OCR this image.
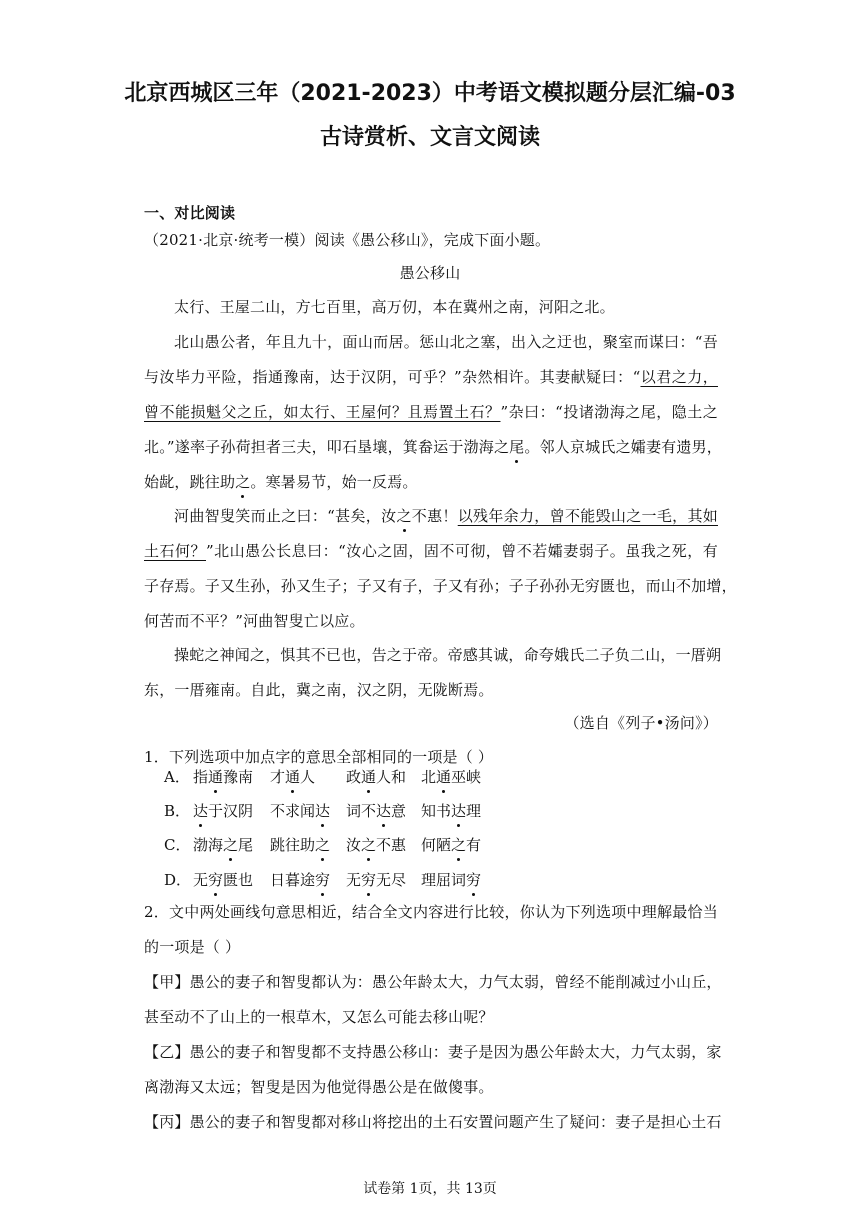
北京西城区三年（2021-2023）中考语文模拟题分层汇编-03
古诗赏析、文言文阅读
一、对比阅读
（2021·北京·统考一模）阅读《愚公移山》，完成下面小题。
愚公移山
太行、王屋二山，方七百里，高万仞，本在冀州之南，河阳之北。
北山愚公者，年且九十，面山而居。惩山北之塞，出入之迂也，聚室而谋曰：“吾
与汝毕力平险，指通豫南，达于汉阴，可乎？”杂然相许。其妻献疑曰：“以君之力，
曾不能损魁父之丘，如太行、王屋何？且焉置土石？”杂曰：“投诸渤海之尾，隐土之
北。”遂率子孙荷担者三夫，叩石垦壤，箕畚运于渤海之尾。邻人京城氏之孀妻有遗男，
始龀，跳往助之。寒暑易节，始一反焉。
河曲智叟笑而止之曰：“甚矣，汝之不惠！以残年余力，曾不能毁山之一毛，其如
土石何？”北山愚公长息曰：“汝心之固，固不可彻，曾不若孀妻弱子。虽我之死，有
子存焉。子又生孙，孙又生子；子又有子，子又有孙；子子孙孙无穷匮也，而山不加增，
何苦而不平？”河曲智叟亡以应。
操蛇之神闻之，惧其不已也，告之于帝。帝感其诚，命夸娥氏二子负二山，一厝朔
东，一厝雍南。自此，冀之南，汉之阴，无陇断焉。
（选自《列子•汤问》）
1．下列选项中加点字的意思全部相同的一项是（ ）
A． 指通豫南 才通人 政通人和 北通巫峡
B． 达于汉阴 不求闻达 词不达意 知书达理
C． 渤海之尾 跳往助之 汝之不惠 何陋之有
D． 无穷匮也 日暮途穷 无穷无尽 理屈词穷
2．文中两处画线句意思相近，结合全文内容进行比较，你认为下列选项中理解最恰当
的一项是（ ）
【甲】愚公的妻子和智叟都认为：愚公年龄太大，力气太弱，曾经不能削减过小山丘，
甚至动不了山上的一根草木，又怎么可能去移山呢？
【乙】愚公的妻子和智叟都不支持愚公移山：妻子是因为愚公年龄太大，力气太弱，家
离渤海又太远；智叟是因为他觉得愚公是在做傻事。
【丙】愚公的妻子和智叟都对移山将挖出的土石安置问题产生了疑问：妻子是担心土石
试卷第 1页，共 13页
